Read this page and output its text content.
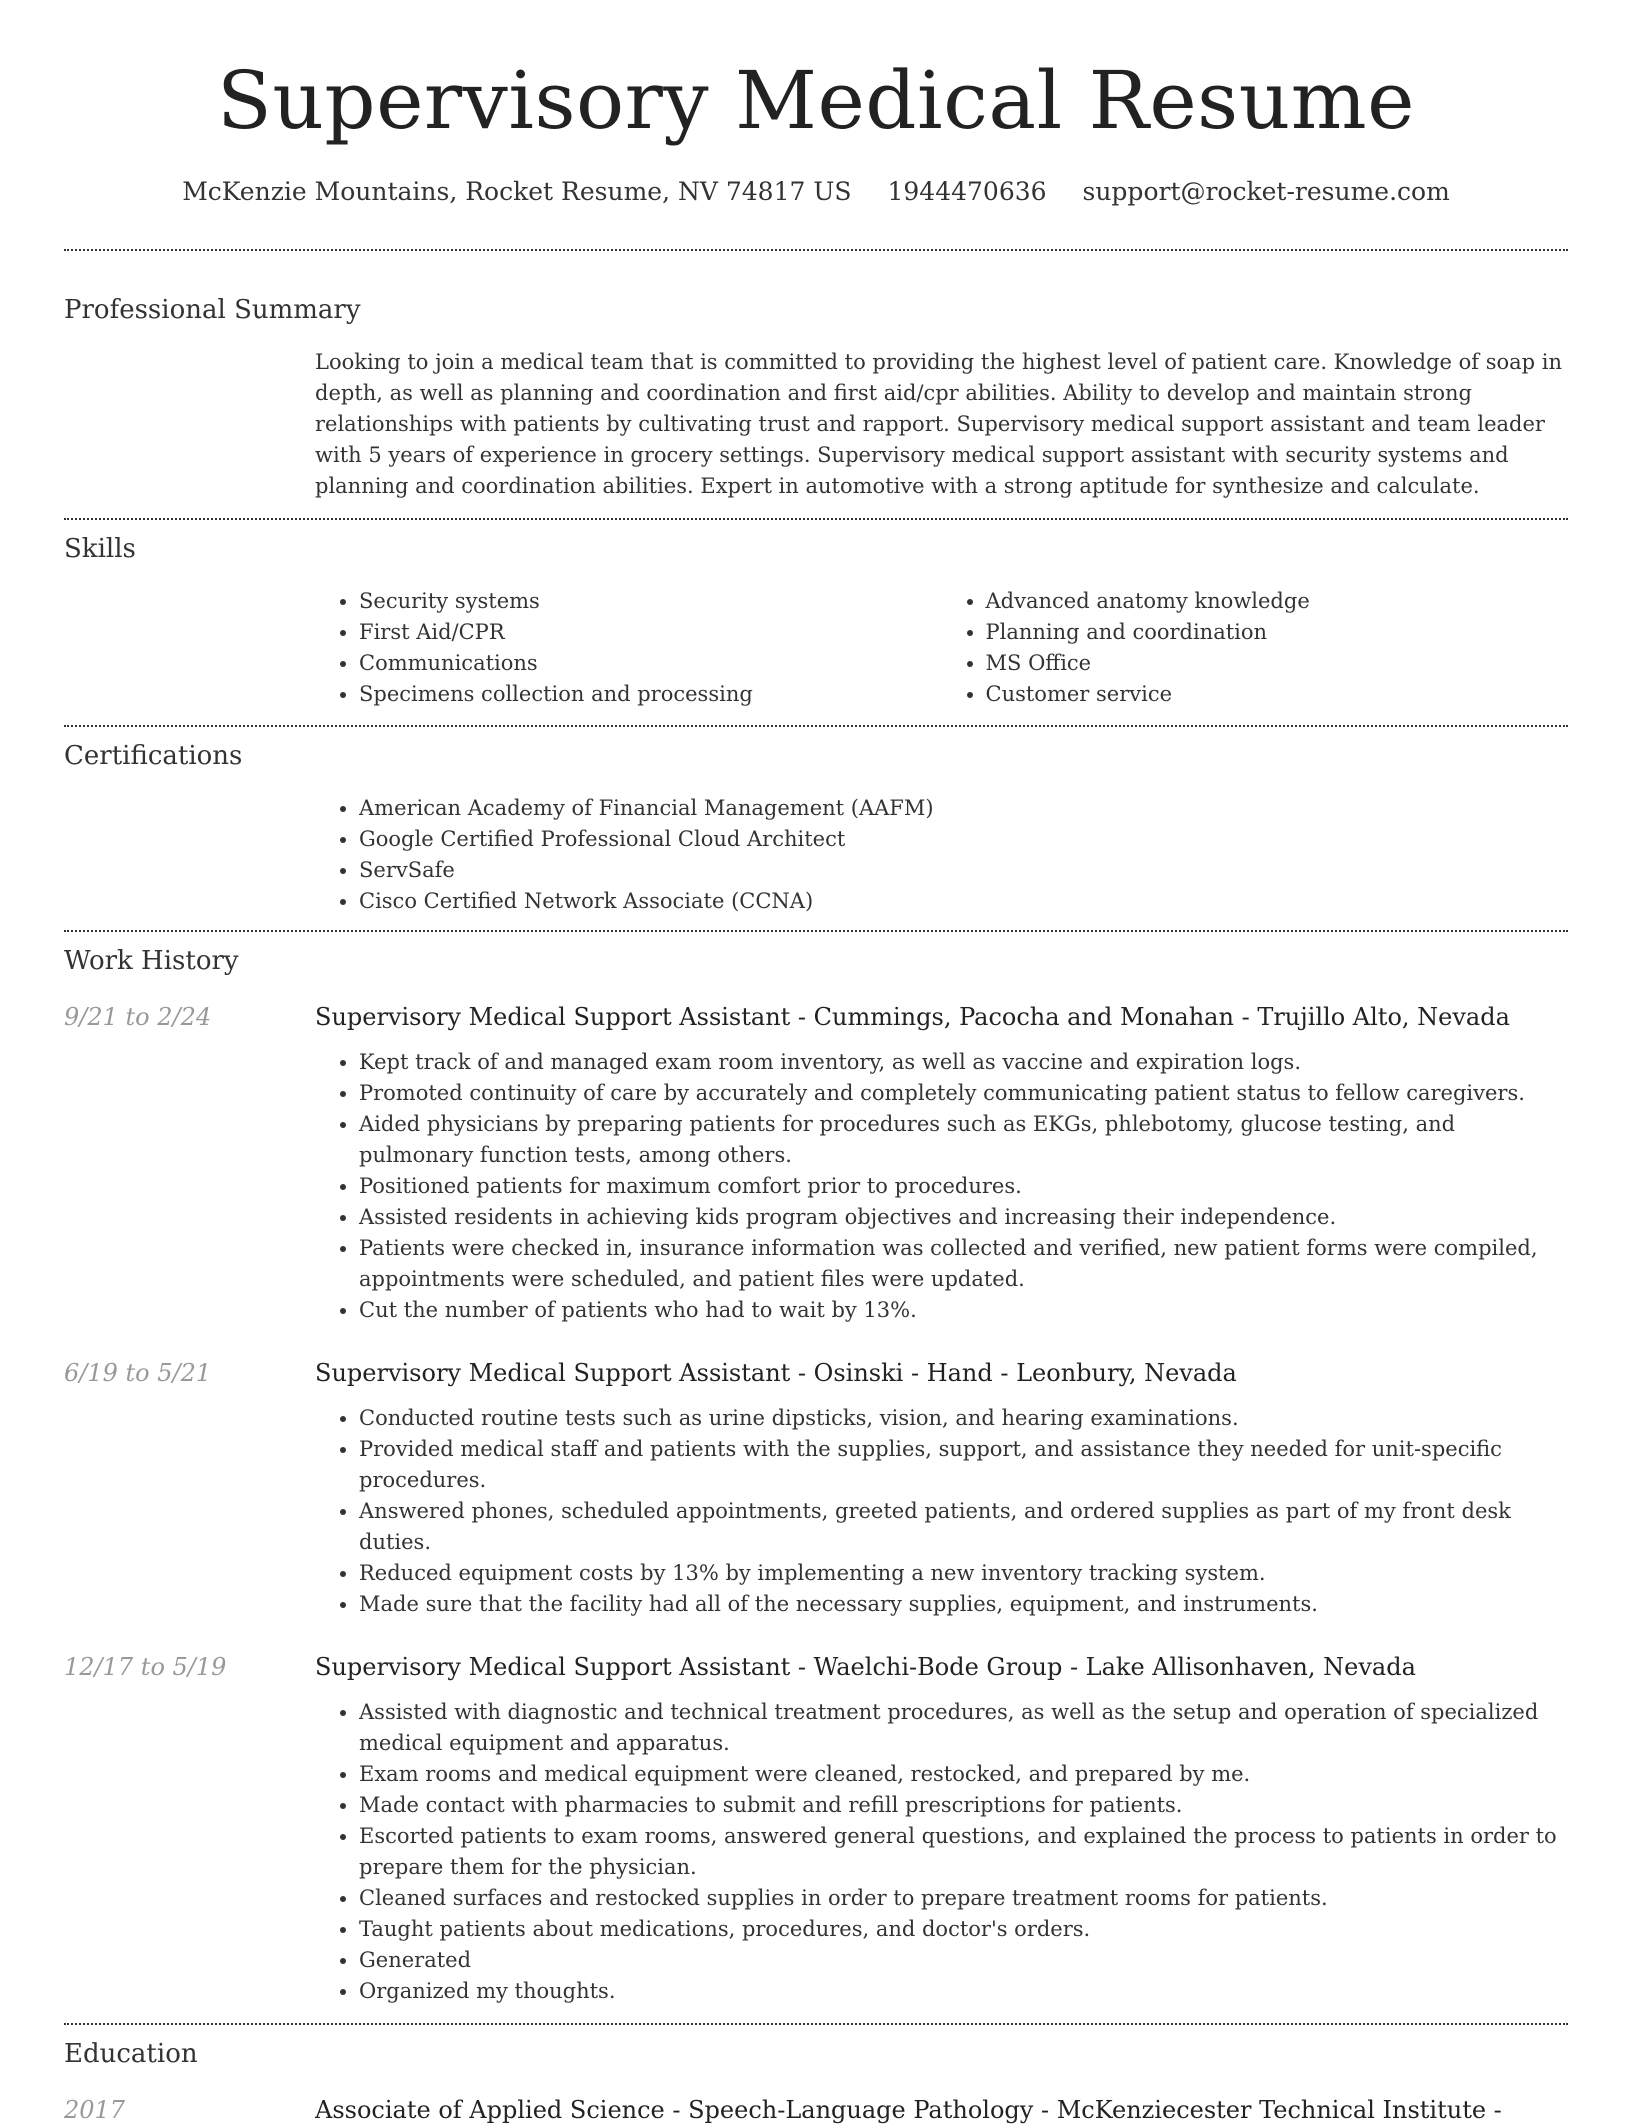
Supervisory Medical Resume
McKenzie Mountains, Rocket Resume, NV 74817 US 1944470636 support@rocket-resume.com
Professional Summary
Looking to join a medical team that is committed to providing the highest level of patient care. Knowledge of soap in depth, as well as planning and coordination and first aid/cpr abilities. Ability to develop and maintain strong relationships with patients by cultivating trust and rapport. Supervisory medical support assistant and team leader with 5 years of experience in grocery settings. Supervisory medical support assistant with security systems and planning and coordination abilities. Expert in automotive with a strong aptitude for synthesize and calculate.
Skills
• Security systems
• First Aid/CPR
• Communications
• Specimens collection and processing
• Advanced anatomy knowledge
• Planning and coordination
• MS Office
• Customer service
Certifications
• American Academy of Financial Management (AAFM)
• Google Certified Professional Cloud Architect
• ServSafe
• Cisco Certified Network Associate (CCNA)
Work History
9/21 to 2/24	Supervisory Medical Support Assistant - Cummings, Pacocha and Monahan - Trujillo Alto, Nevada
• Kept track of and managed exam room inventory, as well as vaccine and expiration logs.
• Promoted continuity of care by accurately and completely communicating patient status to fellow caregivers.
• Aided physicians by preparing patients for procedures such as EKGs, phlebotomy, glucose testing, and pulmonary function tests, among others.
• Positioned patients for maximum comfort prior to procedures.
• Assisted residents in achieving kids program objectives and increasing their independence.
• Patients were checked in, insurance information was collected and verified, new patient forms were compiled, appointments were scheduled, and patient files were updated.
• Cut the number of patients who had to wait by 13%.
6/19 to 5/21	Supervisory Medical Support Assistant - Osinski - Hand - Leonbury, Nevada
• Conducted routine tests such as urine dipsticks, vision, and hearing examinations.
• Provided medical staff and patients with the supplies, support, and assistance they needed for unit-specific procedures.
• Answered phones, scheduled appointments, greeted patients, and ordered supplies as part of my front desk duties.
• Reduced equipment costs by 13% by implementing a new inventory tracking system.
• Made sure that the facility had all of the necessary supplies, equipment, and instruments.
12/17 to 5/19	Supervisory Medical Support Assistant - Waelchi-Bode Group - Lake Allisonhaven, Nevada
• Assisted with diagnostic and technical treatment procedures, as well as the setup and operation of specialized medical equipment and apparatus.
• Exam rooms and medical equipment were cleaned, restocked, and prepared by me.
• Made contact with pharmacies to submit and refill prescriptions for patients.
• Escorted patients to exam rooms, answered general questions, and explained the process to patients in order to prepare them for the physician.
• Cleaned surfaces and restocked supplies in order to prepare treatment rooms for patients.
• Taught patients about medications, procedures, and doctor's orders.
• Generated
• Organized my thoughts.
Education
2017	Associate of Applied Science - Speech-Language Pathology - McKenziecester Technical Institute -
